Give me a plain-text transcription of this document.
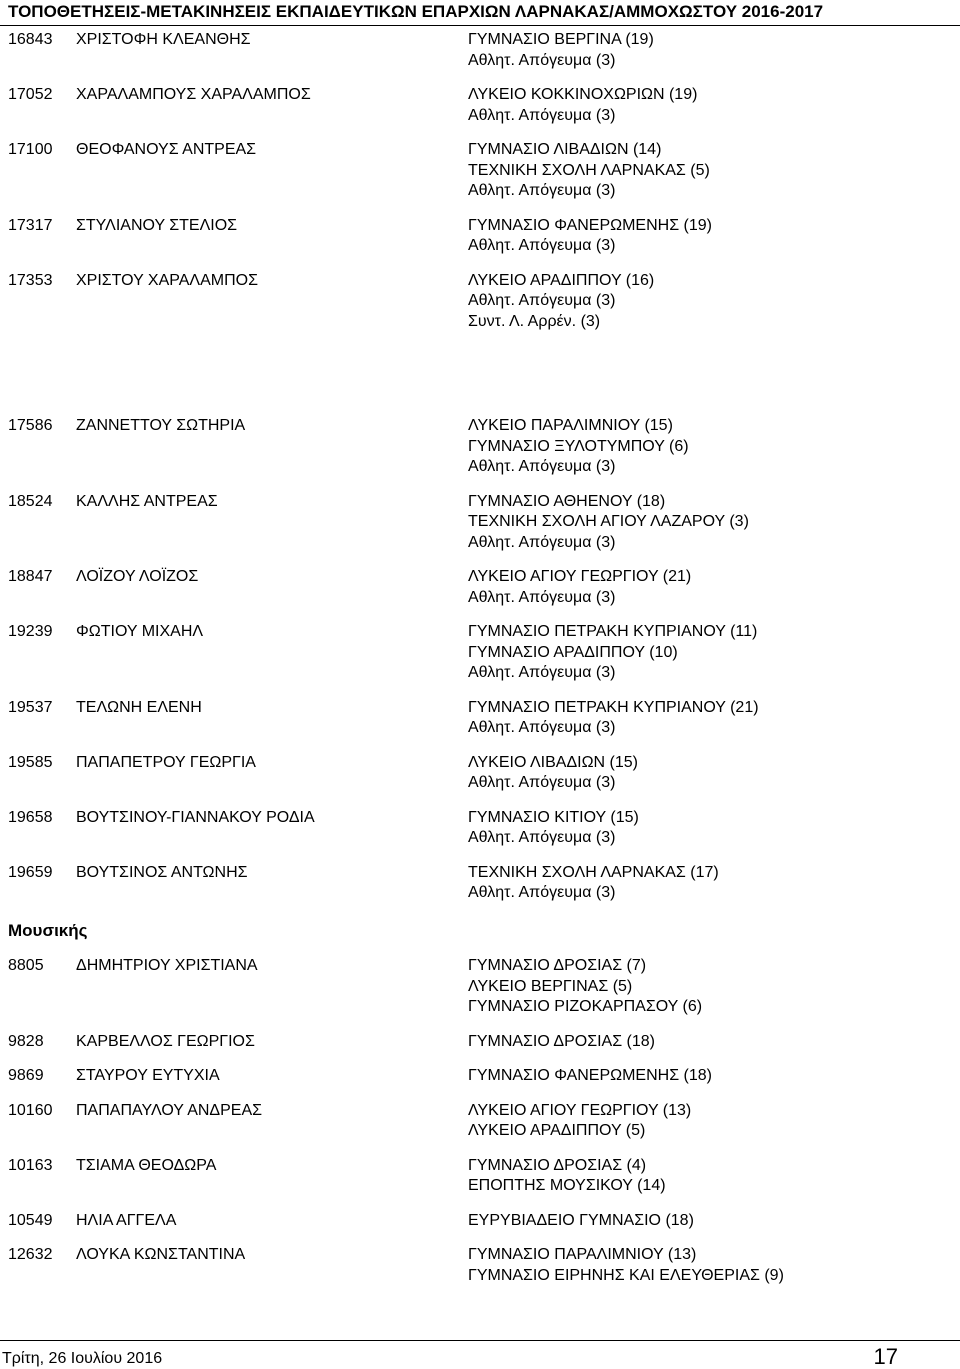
ΤΟΠΟΘΕΤΗΣΕΙΣ-ΜΕΤΑΚΙΝΗΣΕΙΣ ΕΚΠΑΙΔΕΥΤΙΚΩΝ ΕΠΑΡΧΙΩΝ ΛΑΡΝΑΚΑΣ/ΑΜΜΟΧΩΣΤΟΥ 2016-2017
16843	ΧΡΙΣΤΟΦΗ ΚΛΕΑΝΘΗΣ	ΓΥΜΝΑΣΙΟ ΒΕΡΓΙΝΑ (19)
Αθλητ. Απόγευμα (3)
17052	ΧΑΡΑΛΑΜΠΟΥΣ ΧΑΡΑΛΑΜΠΟΣ	ΛΥΚΕΙΟ ΚΟΚΚΙΝΟΧΩΡΙΩΝ (19)
Αθλητ. Απόγευμα (3)
17100	ΘΕΟΦΑΝΟΥΣ ΑΝΤΡΕΑΣ	ΓΥΜΝΑΣΙΟ ΛΙΒΑΔΙΩΝ (14)
ΤΕΧΝΙΚΗ ΣΧΟΛΗ ΛΑΡΝΑΚΑΣ (5)
Αθλητ. Απόγευμα (3)
17317	ΣΤΥΛΙΑΝΟΥ ΣΤΕΛΙΟΣ	ΓΥΜΝΑΣΙΟ ΦΑΝΕΡΩΜΕΝΗΣ (19)
Αθλητ. Απόγευμα (3)
17353	ΧΡΙΣΤΟΥ ΧΑΡΑΛΑΜΠΟΣ	ΛΥΚΕΙΟ ΑΡΑΔΙΠΠΟΥ (16)
Αθλητ. Απόγευμα (3)
Συντ. Λ. Αρρέν. (3)
17586	ΖΑΝΝΕΤΤΟΥ ΣΩΤΗΡΙΑ	ΛΥΚΕΙΟ ΠΑΡΑΛΙΜΝΙΟΥ (15)
ΓΥΜΝΑΣΙΟ ΞΥΛΟΤΥΜΠΟΥ (6)
Αθλητ. Απόγευμα (3)
18524	ΚΑΛΛΗΣ ΑΝΤΡΕΑΣ	ΓΥΜΝΑΣΙΟ ΑΘΗΕΝΟΥ (18)
ΤΕΧΝΙΚΗ ΣΧΟΛΗ ΑΓΙΟΥ ΛΑΖΑΡΟΥ (3)
Αθλητ. Απόγευμα (3)
18847	ΛΟΪΖΟΥ ΛΟΪΖΟΣ	ΛΥΚΕΙΟ ΑΓΙΟΥ ΓΕΩΡΓΙΟΥ (21)
Αθλητ. Απόγευμα (3)
19239	ΦΩΤΙΟΥ ΜΙΧΑΗΛ	ΓΥΜΝΑΣΙΟ ΠΕΤΡΑΚΗ ΚΥΠΡΙΑΝΟΥ (11)
ΓΥΜΝΑΣΙΟ ΑΡΑΔΙΠΠΟΥ (10)
Αθλητ. Απόγευμα (3)
19537	ΤΕΛΩΝΗ ΕΛΕΝΗ	ΓΥΜΝΑΣΙΟ ΠΕΤΡΑΚΗ ΚΥΠΡΙΑΝΟΥ (21)
Αθλητ. Απόγευμα (3)
19585	ΠΑΠΑΠΕΤΡΟΥ ΓΕΩΡΓΙΑ	ΛΥΚΕΙΟ ΛΙΒΑΔΙΩΝ (15)
Αθλητ. Απόγευμα (3)
19658	ΒΟΥΤΣΙΝΟΥ-ΓΙΑΝΝΑΚΟΥ ΡΟΔΙΑ	ΓΥΜΝΑΣΙΟ ΚΙΤΙΟΥ (15)
Αθλητ. Απόγευμα (3)
19659	ΒΟΥΤΣΙΝΟΣ ΑΝΤΩΝΗΣ	ΤΕΧΝΙΚΗ ΣΧΟΛΗ ΛΑΡΝΑΚΑΣ (17)
Αθλητ. Απόγευμα (3)
Μουσικής
8805	ΔΗΜΗΤΡΙΟΥ ΧΡΙΣΤΙΑΝΑ	ΓΥΜΝΑΣΙΟ ΔΡΟΣΙΑΣ (7)
ΛΥΚΕΙΟ ΒΕΡΓΙΝΑΣ (5)
ΓΥΜΝΑΣΙΟ ΡΙΖΟΚΑΡΠΑΣΟΥ (6)
9828	ΚΑΡΒΕΛΛΟΣ ΓΕΩΡΓΙΟΣ	ΓΥΜΝΑΣΙΟ ΔΡΟΣΙΑΣ (18)
9869	ΣΤΑΥΡΟΥ ΕΥΤΥΧΙΑ	ΓΥΜΝΑΣΙΟ ΦΑΝΕΡΩΜΕΝΗΣ (18)
10160	ΠΑΠΑΠΑΥΛΟΥ ΑΝΔΡΕΑΣ	ΛΥΚΕΙΟ ΑΓΙΟΥ ΓΕΩΡΓΙΟΥ (13)
ΛΥΚΕΙΟ ΑΡΑΔΙΠΠΟΥ (5)
10163	ΤΣΙΑΜΑ ΘΕΟΔΩΡΑ	ΓΥΜΝΑΣΙΟ ΔΡΟΣΙΑΣ (4)
ΕΠΟΠΤΗΣ ΜΟΥΣΙΚΟΥ (14)
10549	ΗΛΙΑ ΑΓΓΕΛΑ	ΕΥΡΥΒΙΑΔΕΙΟ ΓΥΜΝΑΣΙΟ (18)
12632	ΛΟΥΚΑ ΚΩΝΣΤΑΝΤΙΝΑ	ΓΥΜΝΑΣΙΟ ΠΑΡΑΛΙΜΝΙΟΥ (13)
ΓΥΜΝΑΣΙΟ ΕΙΡΗΝΗΣ ΚΑΙ ΕΛΕΥΘΕΡΙΑΣ (9)
Τρίτη, 26 Ιουλίου 2016	17
